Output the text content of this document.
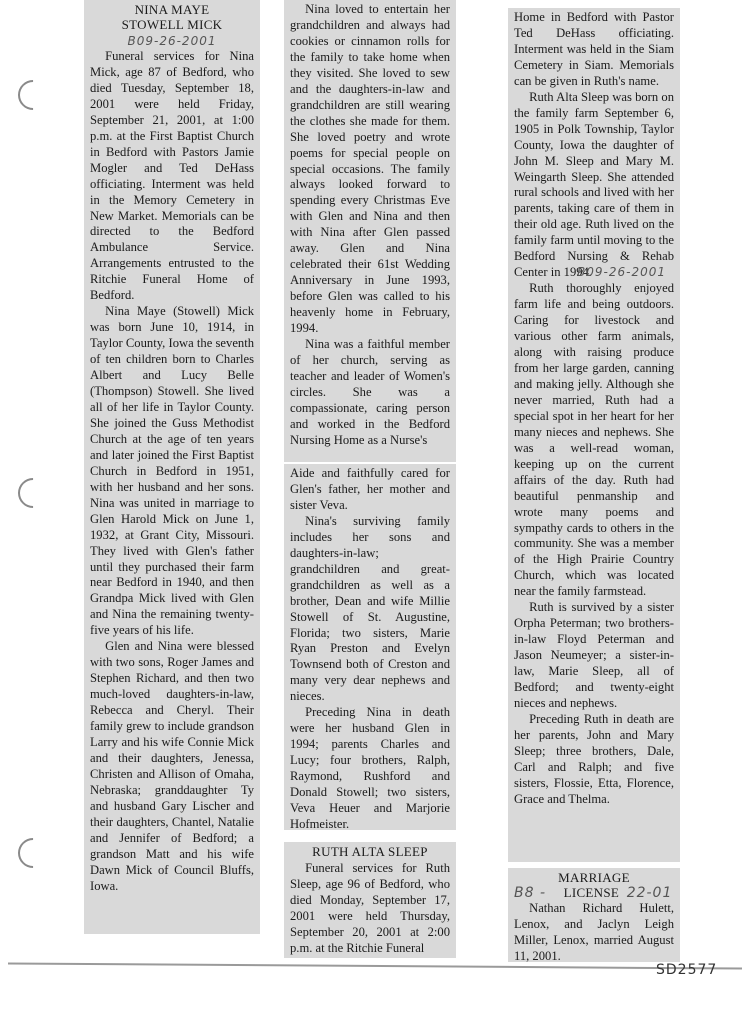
NINA MAYE
STOWELL MICK
B09-26-2001

Funeral services for Nina Mick, age 87 of Bedford, who died Tuesday, September 18, 2001 were held Friday, September 21, 2001, at 1:00 p.m. at the First Baptist Church in Bedford with Pastors Jamie Mogler and Ted DeHass officiating. Interment was held in the Memory Cemetery in New Market. Memorials can be directed to the Bedford Ambulance Service. Arrangements entrusted to the Ritchie Funeral Home of Bedford.

Nina Maye (Stowell) Mick was born June 10, 1914, in Taylor County, Iowa the seventh of ten children born to Charles Albert and Lucy Belle (Thompson) Stowell. She lived all of her life in Taylor County. She joined the Guss Methodist Church at the age of ten years and later joined the First Baptist Church in Bedford in 1951, with her husband and her sons. Nina was united in marriage to Glen Harold Mick on June 1, 1932, at Grant City, Missouri. They lived with Glen's father until they purchased their farm near Bedford in 1940, and then Grandpa Mick lived with Glen and Nina the remaining twenty-five years of his life.

Glen and Nina were blessed with two sons, Roger James and Stephen Richard, and then two much-loved daughters-in-law, Rebecca and Cheryl. Their family grew to include grandson Larry and his wife Connie Mick and their daughters, Jenessa, Christen and Allison of Omaha, Nebraska; granddaughter Ty and husband Gary Lischer and their daughters, Chantel, Natalie and Jennifer of Bedford; a grandson Matt and his wife Dawn Mick of Council Bluffs, Iowa.

Nina loved to entertain her grandchildren and always had cookies or cinnamon rolls for the family to take home when they visited. She loved to sew and the daughters-in-law and grandchildren are still wearing the clothes she made for them. She loved poetry and wrote poems for special people on special occasions. The family always looked forward to spending every Christmas Eve with Glen and Nina and then with Nina after Glen passed away. Glen and Nina celebrated their 61st Wedding Anniversary in June 1993, before Glen was called to his heavenly home in February, 1994.

Nina was a faithful member of her church, serving as teacher and leader of Women's circles. She was a compassionate, caring person and worked in the Bedford Nursing Home as a Nurse's

Aide and faithfully cared for Glen's father, her mother and sister Veva.

Nina's surviving family includes her sons and daughters-in-law; grandchildren and great-grandchildren as well as a brother, Dean and wife Millie Stowell of St. Augustine, Florida; two sisters, Marie Ryan Preston and Evelyn Townsend both of Creston and many very dear nephews and nieces.

Preceding Nina in death were her husband Glen in 1994; parents Charles and Lucy; four brothers, Ralph, Raymond, Rushford and Donald Stowell; two sisters, Veva Heuer and Marjorie Hofmeister.

RUTH ALTA SLEEP

Funeral services for Ruth Sleep, age 96 of Bedford, who died Monday, September 17, 2001 were held Thursday, September 20, 2001 at 2:00 p.m. at the Ritchie Funeral

Home in Bedford with Pastor Ted DeHass officiating. Interment was held in the Siam Cemetery in Siam. Memorials can be given in Ruth's name.

Ruth Alta Sleep was born on the family farm September 6, 1905 in Polk Township, Taylor County, Iowa the daughter of John M. Sleep and Mary M. Weingarth Sleep. She attended rural schools and lived with her parents, taking care of them in their old age. Ruth lived on the family farm until moving to the Bedford Nursing & Rehab Center in 1994.

B09-26-2001

Ruth thoroughly enjoyed farm life and being outdoors. Caring for livestock and various other farm animals, along with raising produce from her large garden, canning and making jelly. Although she never married, Ruth had a special spot in her heart for her many nieces and nephews. She was a well-read woman, keeping up on the current affairs of the day. Ruth had beautiful penmanship and wrote many poems and sympathy cards to others in the community. She was a member of the High Prairie Country Church, which was located near the family farmstead.

Ruth is survived by a sister Orpha Peterman; two brothers-in-law Floyd Peterman and Jason Neumeyer; a sister-in-law, Marie Sleep, all of Bedford; and twenty-eight nieces and nephews.

Preceding Ruth in death are her parents, John and Mary Sleep; three brothers, Dale, Carl and Ralph; and five sisters, Flossie, Etta, Florence, Grace and Thelma.

MARRIAGE
B8 - LICENSE 22-01

Nathan Richard Hulett, Lenox, and Jaclyn Leigh Miller, Lenox, married August 11, 2001.

SD2577
